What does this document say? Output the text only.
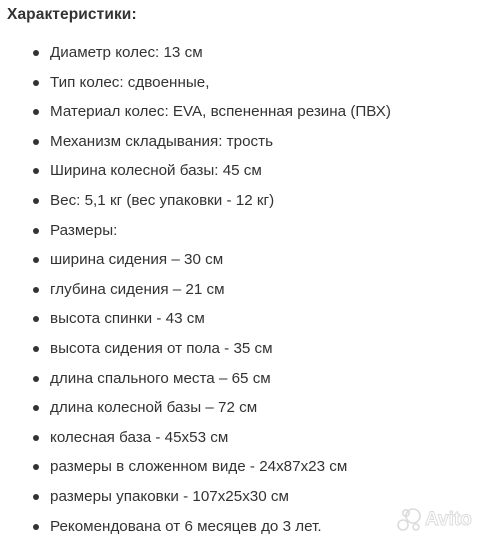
Характеристики:
Диаметр колес: 13 см
Тип колес: сдвоенные,
Материал колес: EVA, вспененная резина (ПВХ)
Механизм складывания: трость
Ширина колесной базы: 45 см
Вес: 5,1 кг (вес упаковки - 12 кг)
Размеры:
ширина сидения – 30 см
глубина сидения – 21 см
высота спинки - 43 см
высота сидения от пола - 35 см
длина спального места – 65 см
длина колесной базы – 72 см
колесная база - 45х53 см
размеры в сложенном виде - 24х87х23 см
размеры упаковки - 107х25х30 см
Рекомендована от 6 месяцев до 3 лет.	Avito
